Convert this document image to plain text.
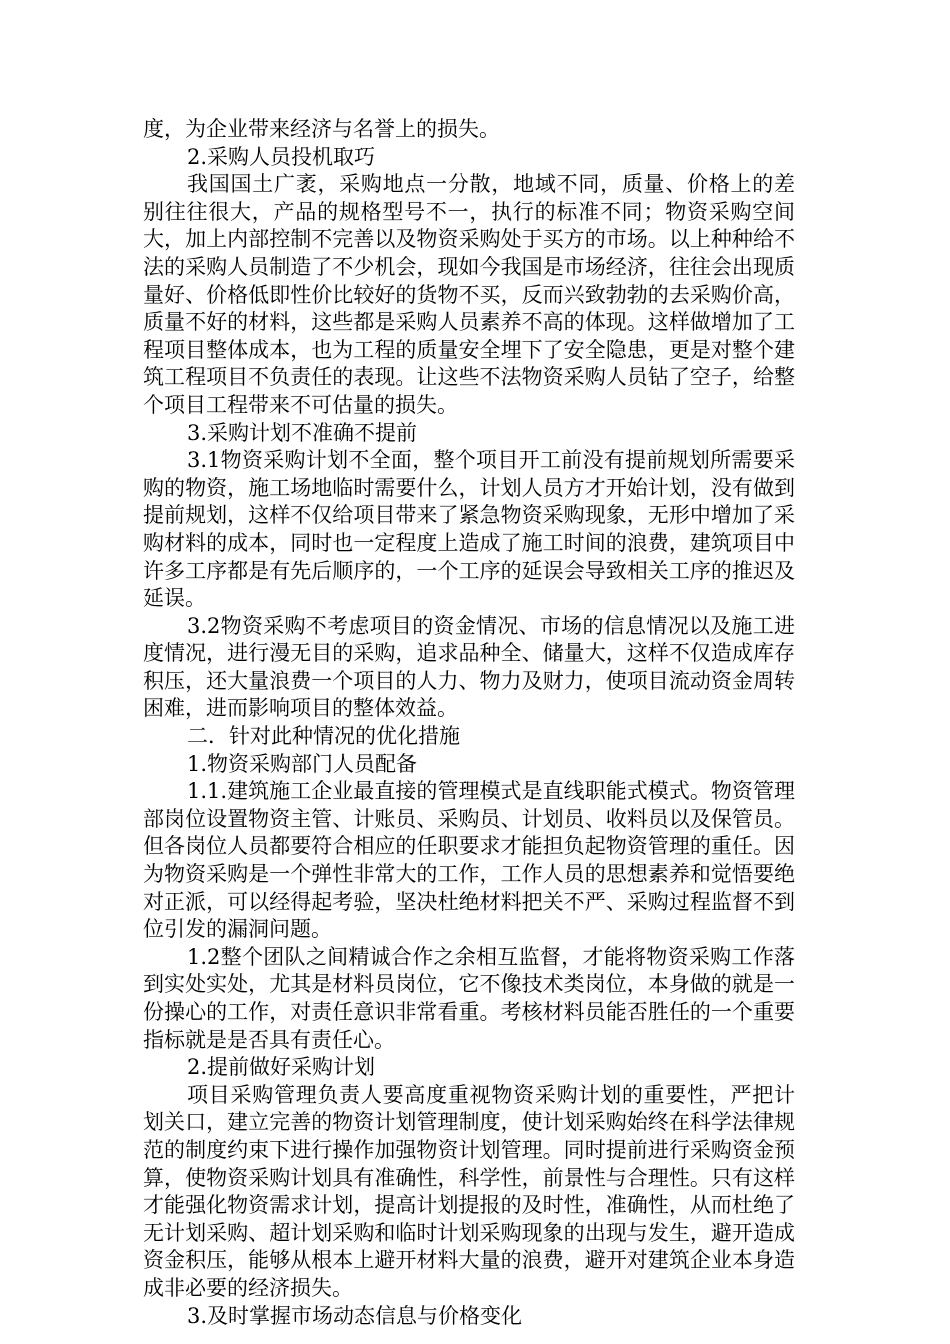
度，为企业带来经济与名誉上的损失。

2.采购人员投机取巧

我国国土广袤，采购地点一分散，地域不同，质量、价格上的差别往往很大，产品的规格型号不一，执行的标准不同；物资采购空间大，加上内部控制不完善以及物资采购处于买方的市场。以上种种给不法的采购人员制造了不少机会，现如今我国是市场经济，往往会出现质量好、价格低即性价比较好的货物不买，反而兴致勃勃的去采购价高，质量不好的材料，这些都是采购人员素养不高的体现。这样做增加了工程项目整体成本，也为工程的质量安全埋下了安全隐患，更是对整个建筑工程项目不负责任的表现。让这些不法物资采购人员钻了空子，给整个项目工程带来不可估量的损失。

3.采购计划不准确不提前

3.1物资采购计划不全面，整个项目开工前没有提前规划所需要采购的物资，施工场地临时需要什么，计划人员方才开始计划，没有做到提前规划，这样不仅给项目带来了紧急物资采购现象，无形中增加了采购材料的成本，同时也一定程度上造成了施工时间的浪费，建筑项目中许多工序都是有先后顺序的，一个工序的延误会导致相关工序的推迟及延误。

3.2物资采购不考虑项目的资金情况、市场的信息情况以及施工进度情况，进行漫无目的采购，追求品种全、储量大，这样不仅造成库存积压，还大量浪费一个项目的人力、物力及财力，使项目流动资金周转困难，进而影响项目的整体效益。

二．针对此种情况的优化措施

1.物资采购部门人员配备

1.1.建筑施工企业最直接的管理模式是直线职能式模式。物资管理部岗位设置物资主管、计账员、采购员、计划员、收料员以及保管员。但各岗位人员都要符合相应的任职要求才能担负起物资管理的重任。因为物资采购是一个弹性非常大的工作，工作人员的思想素养和觉悟要绝对正派，可以经得起考验，坚决杜绝材料把关不严、采购过程监督不到位引发的漏洞问题。

1.2整个团队之间精诚合作之余相互监督，才能将物资采购工作落到实处实处，尤其是材料员岗位，它不像技术类岗位，本身做的就是一份操心的工作，对责任意识非常看重。考核材料员能否胜任的一个重要指标就是是否具有责任心。

2.提前做好采购计划

项目采购管理负责人要高度重视物资采购计划的重要性，严把计划关口，建立完善的物资计划管理制度，使计划采购始终在科学法律规范的制度约束下进行操作加强物资计划管理。同时提前进行采购资金预算，使物资采购计划具有准确性，科学性，前景性与合理性。只有这样才能强化物资需求计划，提高计划提报的及时性，准确性，从而杜绝了无计划采购、超计划采购和临时计划采购现象的出现与发生，避开造成资金积压，能够从根本上避开材料大量的浪费，避开对建筑企业本身造成非必要的经济损失。

3.及时掌握市场动态信息与价格变化
